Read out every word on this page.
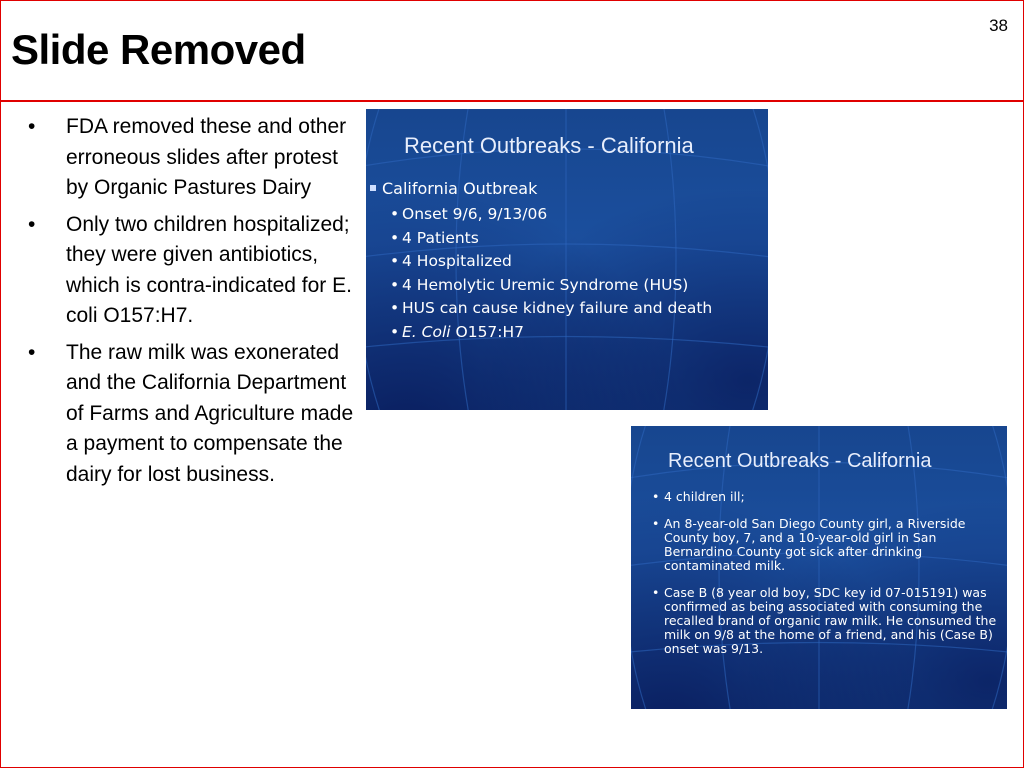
Slide Removed
38
• FDA removed these and other erroneous slides after protest by Organic Pastures Dairy
• Only two children hospitalized; they were given antibiotics, which is contra-indicated for E. coli O157:H7.
• The raw milk was exonerated and the California Department of Farms and Agriculture made a payment to compensate the dairy for lost business.
Recent Outbreaks - California
California Outbreak
• Onset 9/6, 9/13/06
• 4 Patients
• 4 Hospitalized
• 4 Hemolytic Uremic Syndrome (HUS)
• HUS can cause kidney failure and death
• E. Coli O157:H7
Recent Outbreaks - California
• 4 children ill;
• An 8-year-old San Diego County girl, a Riverside County boy, 7, and a 10-year-old girl in San Bernardino County got sick after drinking contaminated milk.
• Case B (8 year old boy, SDC key id 07-015191) was confirmed as being associated with consuming the recalled brand of organic raw milk. He consumed the milk on 9/8 at the home of a friend, and his (Case B) onset was 9/13.
